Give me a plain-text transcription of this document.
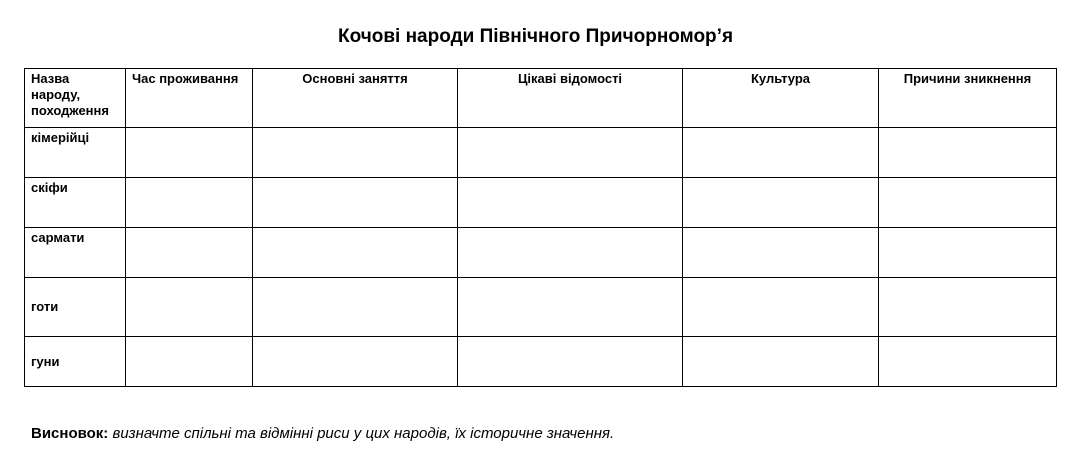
Кочові народи Північного Причорномор’я
Назва народу, походження	Час проживання	Основні заняття	Цікаві відомості	Культура	Причини зникнення
кімерійці					
скіфи					
сармати					
готи					
гуни					
Висновок: визначте спільні та відмінні риси у цих народів, їх історичне значення.
